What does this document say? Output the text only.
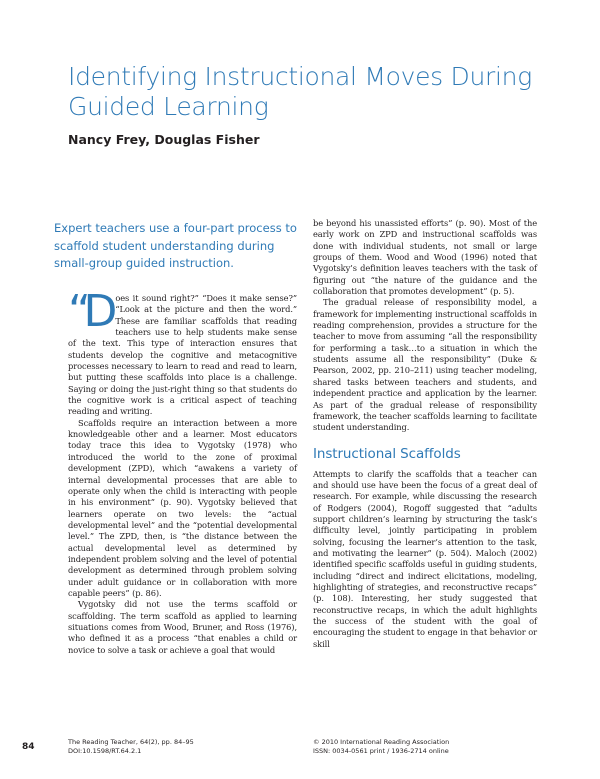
Identifying Instructional Moves During Guided Learning
Nancy Frey, Douglas Fisher
Expert teachers use a four-part process to scaffold student understanding during small-group guided instruction.

“Does it sound right?” “Does it make sense?” “Look at the picture and then the word.” These are familiar scaffolds that reading teachers use to help students make sense of the text. This type of interaction ensures that students develop the cognitive and metacognitive processes necessary to learn to read and read to learn, but putting these scaffolds into place is a challenge. Saying or doing the just-right thing so that students do the cognitive work is a critical aspect of teaching reading and writing.

Scaffolds require an interaction between a more knowledgeable other and a learner. Most educators today trace this idea to Vygotsky (1978) who introduced the world to the zone of proximal development (ZPD), which “awakens a variety of internal developmental processes that are able to operate only when the child is interacting with people in his environment” (p. 90). Vygotsky believed that learners operate on two levels: the “actual developmental level” and the “potential developmental level.” The ZPD, then, is “the distance between the actual developmental level as determined by independent problem solving and the level of potential development as determined through problem solving under adult guidance or in collaboration with more capable peers” (p. 86).

Vygotsky did not use the terms scaffold or scaffolding. The term scaffold as applied to learning situations comes from Wood, Bruner, and Ross (1976), who defined it as a process “that enables a child or novice to solve a task or achieve a goal that would

be beyond his unassisted efforts” (p. 90). Most of the early work on ZPD and instructional scaffolds was done with individual students, not small or large groups of them. Wood and Wood (1996) noted that Vygotsky’s definition leaves teachers with the task of figuring out “the nature of the guidance and the collaboration that promotes development” (p. 5).

The gradual release of responsibility model, a framework for implementing instructional scaffolds in reading comprehension, provides a structure for the teacher to move from assuming “all the responsibility for performing a task…to a situation in which the students assume all the responsibility” (Duke & Pearson, 2002, pp. 210–211) using teacher modeling, shared tasks between teachers and students, and independent practice and application by the learner. As part of the gradual release of responsibility framework, the teacher scaffolds learning to facilitate student understanding.

Instructional Scaffolds

Attempts to clarify the scaffolds that a teacher can and should use have been the focus of a great deal of research. For example, while discussing the research of Rodgers (2004), Rogoff suggested that “adults support children’s learning by structuring the task’s difficulty level, jointly participating in problem solving, focusing the learner’s attention to the task, and motivating the learner” (p. 504). Maloch (2002) identified specific scaffolds useful in guiding students, including “direct and indirect elicitations, modeling, highlighting of strategies, and reconstructive recaps” (p. 108). Interesting, her study suggested that reconstructive recaps, in which the adult highlights the success of the student with the goal of encouraging the student to engage in that behavior or skill

84	The Reading Teacher, 64(2), pp. 84–95
DOI:10.1598/RT.64.2.1
© 2010 International Reading Association
ISSN: 0034-0561 print / 1936-2714 online
